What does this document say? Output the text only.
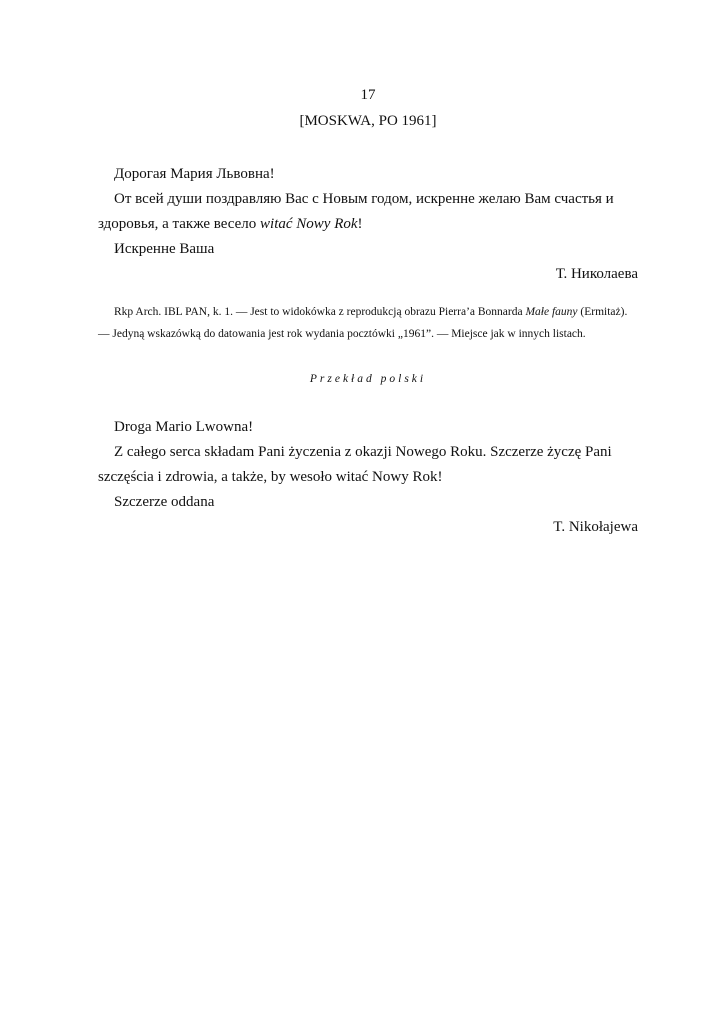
17
[MOSKWA, PO 1961]
Дорогая Мария Львовна!
От всей души поздравляю Вас с Новым годом, искренне желаю Вам счастья и здоровья, а также весело witać Nowy Rok!
Искренне Ваша
Т. Николаева
Rkp Arch. IBL PAN, k. 1. — Jest to widokówka z reprodukcją obrazu Pierra’a Bonnarda Małe fauny (Ermitaż). — Jedyną wskazówką do datowania jest rok wydania pocztówki „1961”. — Miejsce jak w innych listach.
Przekład polski
Droga Mario Lwowna!
Z całego serca składam Pani życzenia z okazji Nowego Roku. Szczerze życzę Pani szczęścia i zdrowia, a także, by wesoło witać Nowy Rok!
Szczerze oddana
T. Nikołajewa
